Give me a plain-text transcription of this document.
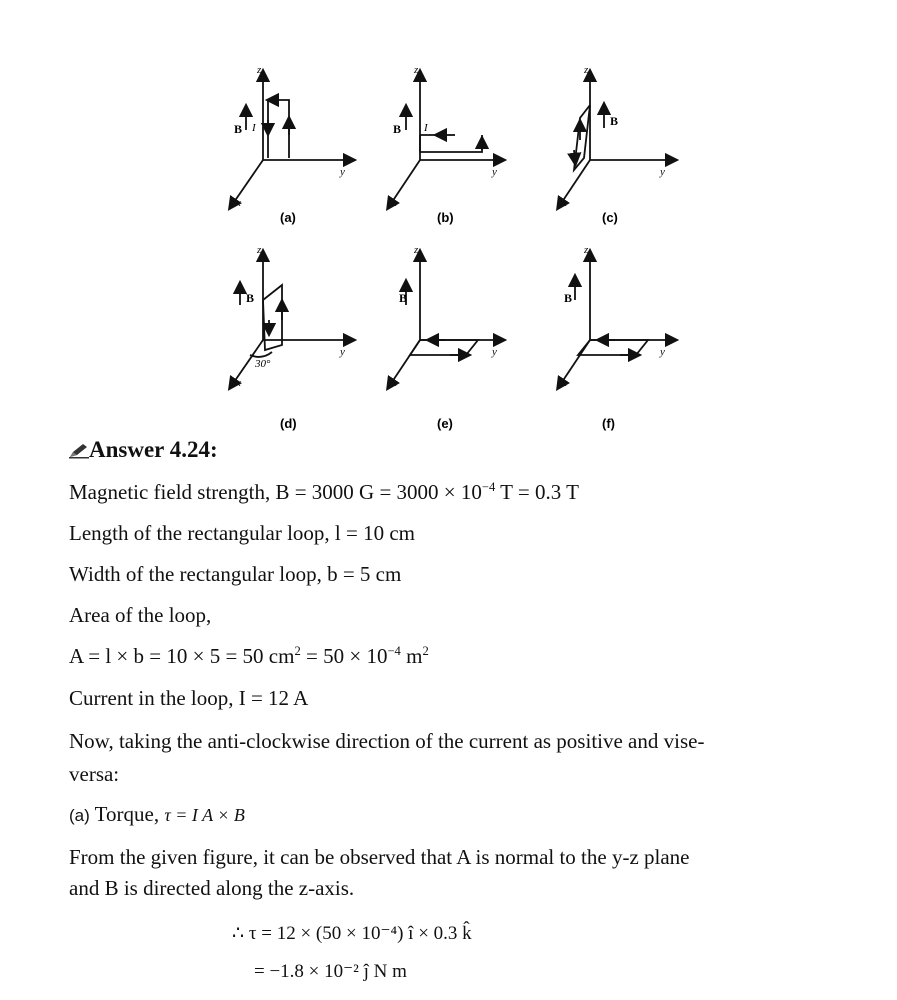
(a)	(b)	(c)
(d)	(e)	(f)
B I	B I	B
B	B	B
30°
z
y
x
z
y
x
z
y
x
z
y
x
z
y
x
z
y
x
Answer 4.24:
Magnetic field strength, B = 3000 $G = 3000 \times 10^{-4}$ T = 0.3 T
Length of the rectangular loop, l = 10 cm
Width of the rectangular loop, b = 5 cm
Area of the loop,
A = l × b = 10 × 5 = 50 $cm^2 = 50 \times 10^{-4}$ $m^2$
Current in the loop, I = 12 A
Now, taking the anti-clockwise direction of the current as positive and vise-
versa:
(a) Torque, τ = I A × B
From the given figure, it can be observed that A is normal to the y-z plane
and B is directed along the z-axis.
∴ τ = 12 × (50 × 10⁻⁴) î × 0.3 k̂
= −1.8 × 10⁻² ĵ N m
